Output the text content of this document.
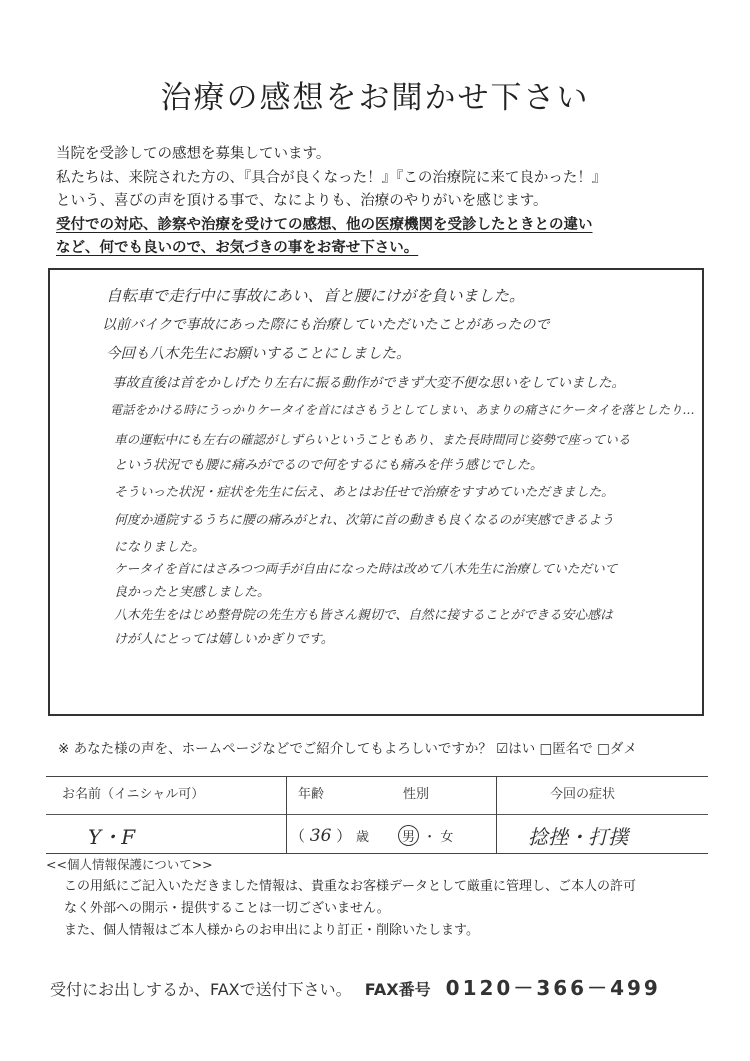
治療の感想をお聞かせ下さい
当院を受診しての感想を募集しています。
私たちは、来院された方の、『具合が良くなった！』『この治療院に来て良かった！』
という、喜びの声を頂ける事で、なによりも、治療のやりがいを感じます。
受付での対応、診察や治療を受けての感想、他の医療機関を受診したときとの違い
など、何でも良いので、お気づきの事をお寄せ下さい。
自転車で走行中に事故にあい、首と腰にけがを負いました。
以前バイクで事故にあった際にも治療していただいたことがあったので
今回も八木先生にお願いすることにしました。
事故直後は首をかしげたり左右に振る動作ができず大変不便な思いをしていました。
電話をかける時にうっかりケータイを首にはさもうとしてしまい、あまりの痛さにケータイを落としたり…
車の運転中にも左右の確認がしずらいということもあり、また長時間同じ姿勢で座っている
という状況でも腰に痛みがでるので何をするにも痛みを伴う感じでした。
そういった状況・症状を先生に伝え、あとはお任せで治療をすすめていただきました。
何度か通院するうちに腰の痛みがとれ、次第に首の動きも良くなるのが実感できるよう
になりました。
ケータイを首にはさみつつ両手が自由になった時は改めて八木先生に治療していただいて
良かったと実感しました。
八木先生をはじめ整骨院の先生方も皆さん親切で、自然に接することができる安心感は
けが人にとっては嬉しいかぎりです。
※ あなた様の声を、ホームページなどでご紹介してもよろしいですか？ ☑はい □匿名で □ダメ
お名前（イニシャル可）	年齢	性別	今回の症状
Y・F	（ 36 ） 歳	男 ・ 女	捻挫・打撲
<<個人情報保護について>>
この用紙にご記入いただきました情報は、貴重なお客様データとして厳重に管理し、ご本人の許可
なく外部への開示・提供することは一切ございません。
また、個人情報はご本人様からのお申出により訂正・削除いたします。
受付にお出しするか、FAXで送付下さい。 FAX番号 0120－366－499
